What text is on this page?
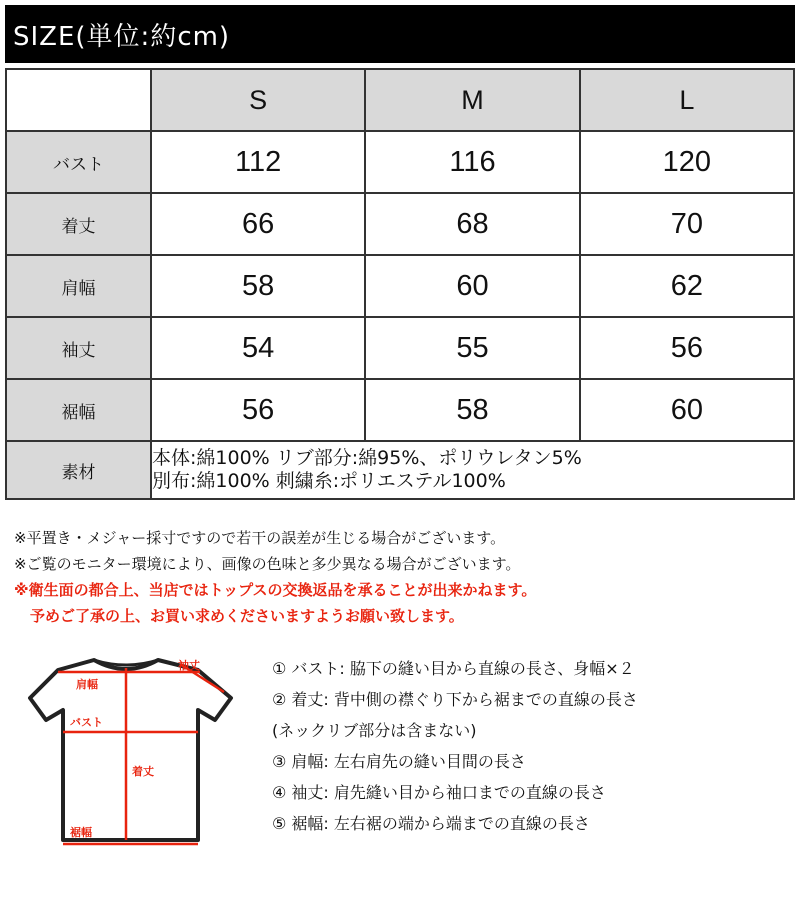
SIZE(単位:約cm)
	S	M	L
バスト	112	116	120
着丈	66	68	70
肩幅	58	60	62
袖丈	54	55	56
裾幅	56	58	60
素材	本体:綿100% リブ部分:綿95%、ポリウレタン5%
別布:綿100% 刺繍糸:ポリエステル100%		
※平置き・メジャー採寸ですので若干の誤差が生じる場合がございます。
※ご覧のモニター環境により、画像の色味と多少異なる場合がございます。
※衛生面の都合上、当店ではトップスの交換返品を承ることが出来かねます。
予めご了承の上、お買い求めくださいますようお願い致します。
袖丈
肩幅
バスト
着丈
裾幅
① バスト: 脇下の縫い目から直線の長さ、身幅×２
② 着丈: 背中側の襟ぐり下から裾までの直線の長さ
(ネックリブ部分は含まない)
③ 肩幅: 左右肩先の縫い目間の長さ
④ 袖丈: 肩先縫い目から袖口までの直線の長さ
⑤ 裾幅: 左右裾の端から端までの直線の長さ
